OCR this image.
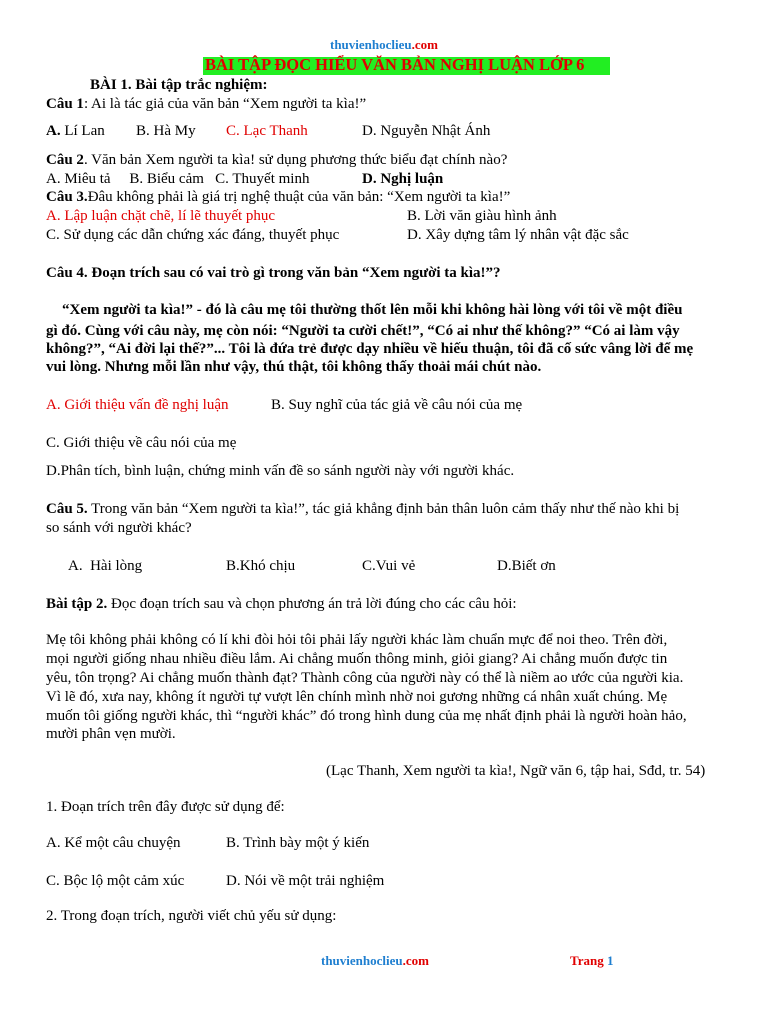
thuvienhoclieu.com
BÀI TẬP ĐỌC HIỂU VĂN BẢN NGHỊ LUẬN LỚP 6
BÀI 1. Bài tập trắc nghiệm:
Câu 1: Ai là tác giả của văn bản “Xem người ta kìa!”
A. Lí Lan B. Hà My C. Lạc Thanh	D. Nguyễn Nhật Ánh
Câu 2. Văn bản Xem người ta kìa! sử dụng phương thức biểu đạt chính nào?
A. Miêu tả     B. Biểu cảm   C. Thuyết minh	D. Nghị luận
Câu 3.Đâu không phải là giá trị nghệ thuật của văn bản: “Xem người ta kìa!”
A. Lập luận chặt chẽ, lí lẽ thuyết phục	B. Lời văn giàu hình ảnh
C. Sử dụng các dẫn chứng xác đáng, thuyết phục	D. Xây dựng tâm lý nhân vật đặc sắc
Câu 4. Đoạn trích sau có vai trò gì trong văn bản “Xem người ta kìa!”?
“Xem người ta kìa!” - đó là câu mẹ tôi thường thốt lên mỗi khi không hài lòng với tôi về một điều
gì đó. Cùng với câu này, mẹ còn nói: “Người ta cười chết!”, “Có ai như thế không?” “Có ai làm vậy
không?”, “Ai đời lại thế?”... Tôi là đứa trẻ được dạy nhiều về hiếu thuận, tôi đã cố sức vâng lời để mẹ
vui lòng. Nhưng mỗi lần như vậy, thú thật, tôi không thấy thoải mái chút nào.
A. Giới thiệu vấn đề nghị luận	B. Suy nghĩ của tác giả về câu nói của mẹ
C. Giới thiệu về câu nói của mẹ
D.Phân tích, bình luận, chứng minh vấn đề so sánh người này với người khác.
Câu 5. Trong văn bản “Xem người ta kìa!”, tác giả khẳng định bản thân luôn cảm thấy như thế nào khi bị
so sánh với người khác?
A.  Hài lòng	B.Khó chịu	C.Vui vẻ	D.Biết ơn
Bài tập 2. Đọc đoạn trích sau và chọn phương án trả lời đúng cho các câu hỏi:
Mẹ tôi không phải không có lí khi đòi hỏi tôi phải lấy người khác làm chuẩn mực để noi theo. Trên đời,
mọi người giống nhau nhiều điều lắm. Ai chẳng muốn thông minh, giỏi giang? Ai chẳng muốn được tin
yêu, tôn trọng? Ai chẳng muốn thành đạt? Thành công của người này có thể là niềm ao ước của người kia.
Vì lẽ đó, xưa nay, không ít người tự vượt lên chính mình nhờ noi gương những cá nhân xuất chúng. Mẹ
muốn tôi giống người khác, thì “người khác” đó trong hình dung của mẹ nhất định phải là người hoàn hảo,
mười phân vẹn mười.
(Lạc Thanh, Xem người ta kìa!, Ngữ văn 6, tập hai, Sđd, tr. 54)
1. Đoạn trích trên đây được sử dụng để:
A. Kể một câu chuyện	B. Trình bày một ý kiến
C. Bộc lộ một cảm xúc	D. Nói về một trải nghiệm
2. Trong đoạn trích, người viết chủ yếu sử dụng:
thuvienhoclieu.com	Trang 1
